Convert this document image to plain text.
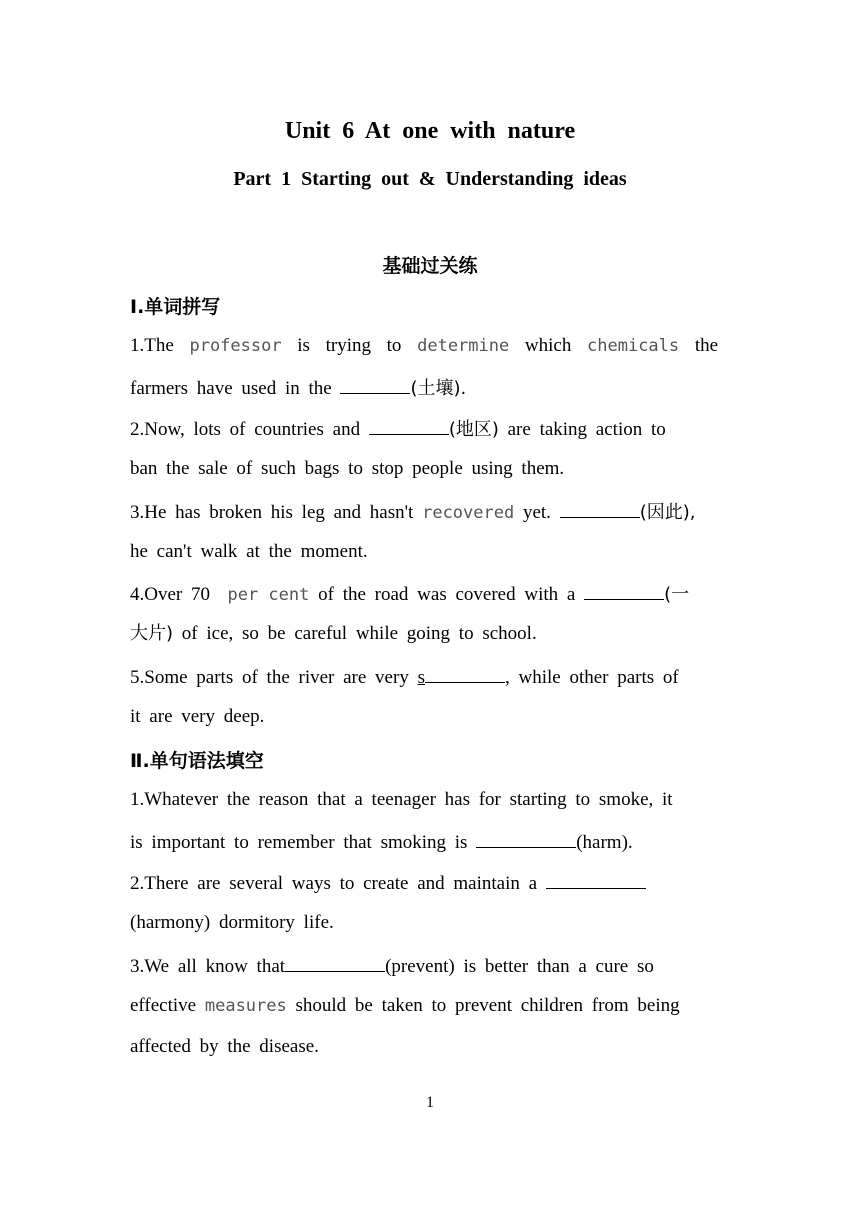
Unit 6 At one with nature
Part 1 Starting out & Understanding ideas
基础过关练
Ⅰ.单词拼写
1.The professor is trying to determine which chemicals the
farmers have used in the	(土壤).
2.Now, lots of countries and	(地区) are taking action to
ban the sale of such bags to stop people using them.
3.He has broken his leg and hasn't recovered yet.	(因此),
he can't walk at the moment.
4.Over 70 per cent of the road was covered with a	(一
大片) of ice, so be careful while going to school.
5.Some parts of the river are very s	, while other parts of
it are very deep.
Ⅱ.单句语法填空
1.Whatever the reason that a teenager has for starting to smoke, it
is important to remember that smoking is	(harm).
2.There are several ways to create and maintain a
(harmony) dormitory life.
3.We all know that	(prevent) is better than a cure so
effective measures should be taken to prevent children from being
affected by the disease.
1
